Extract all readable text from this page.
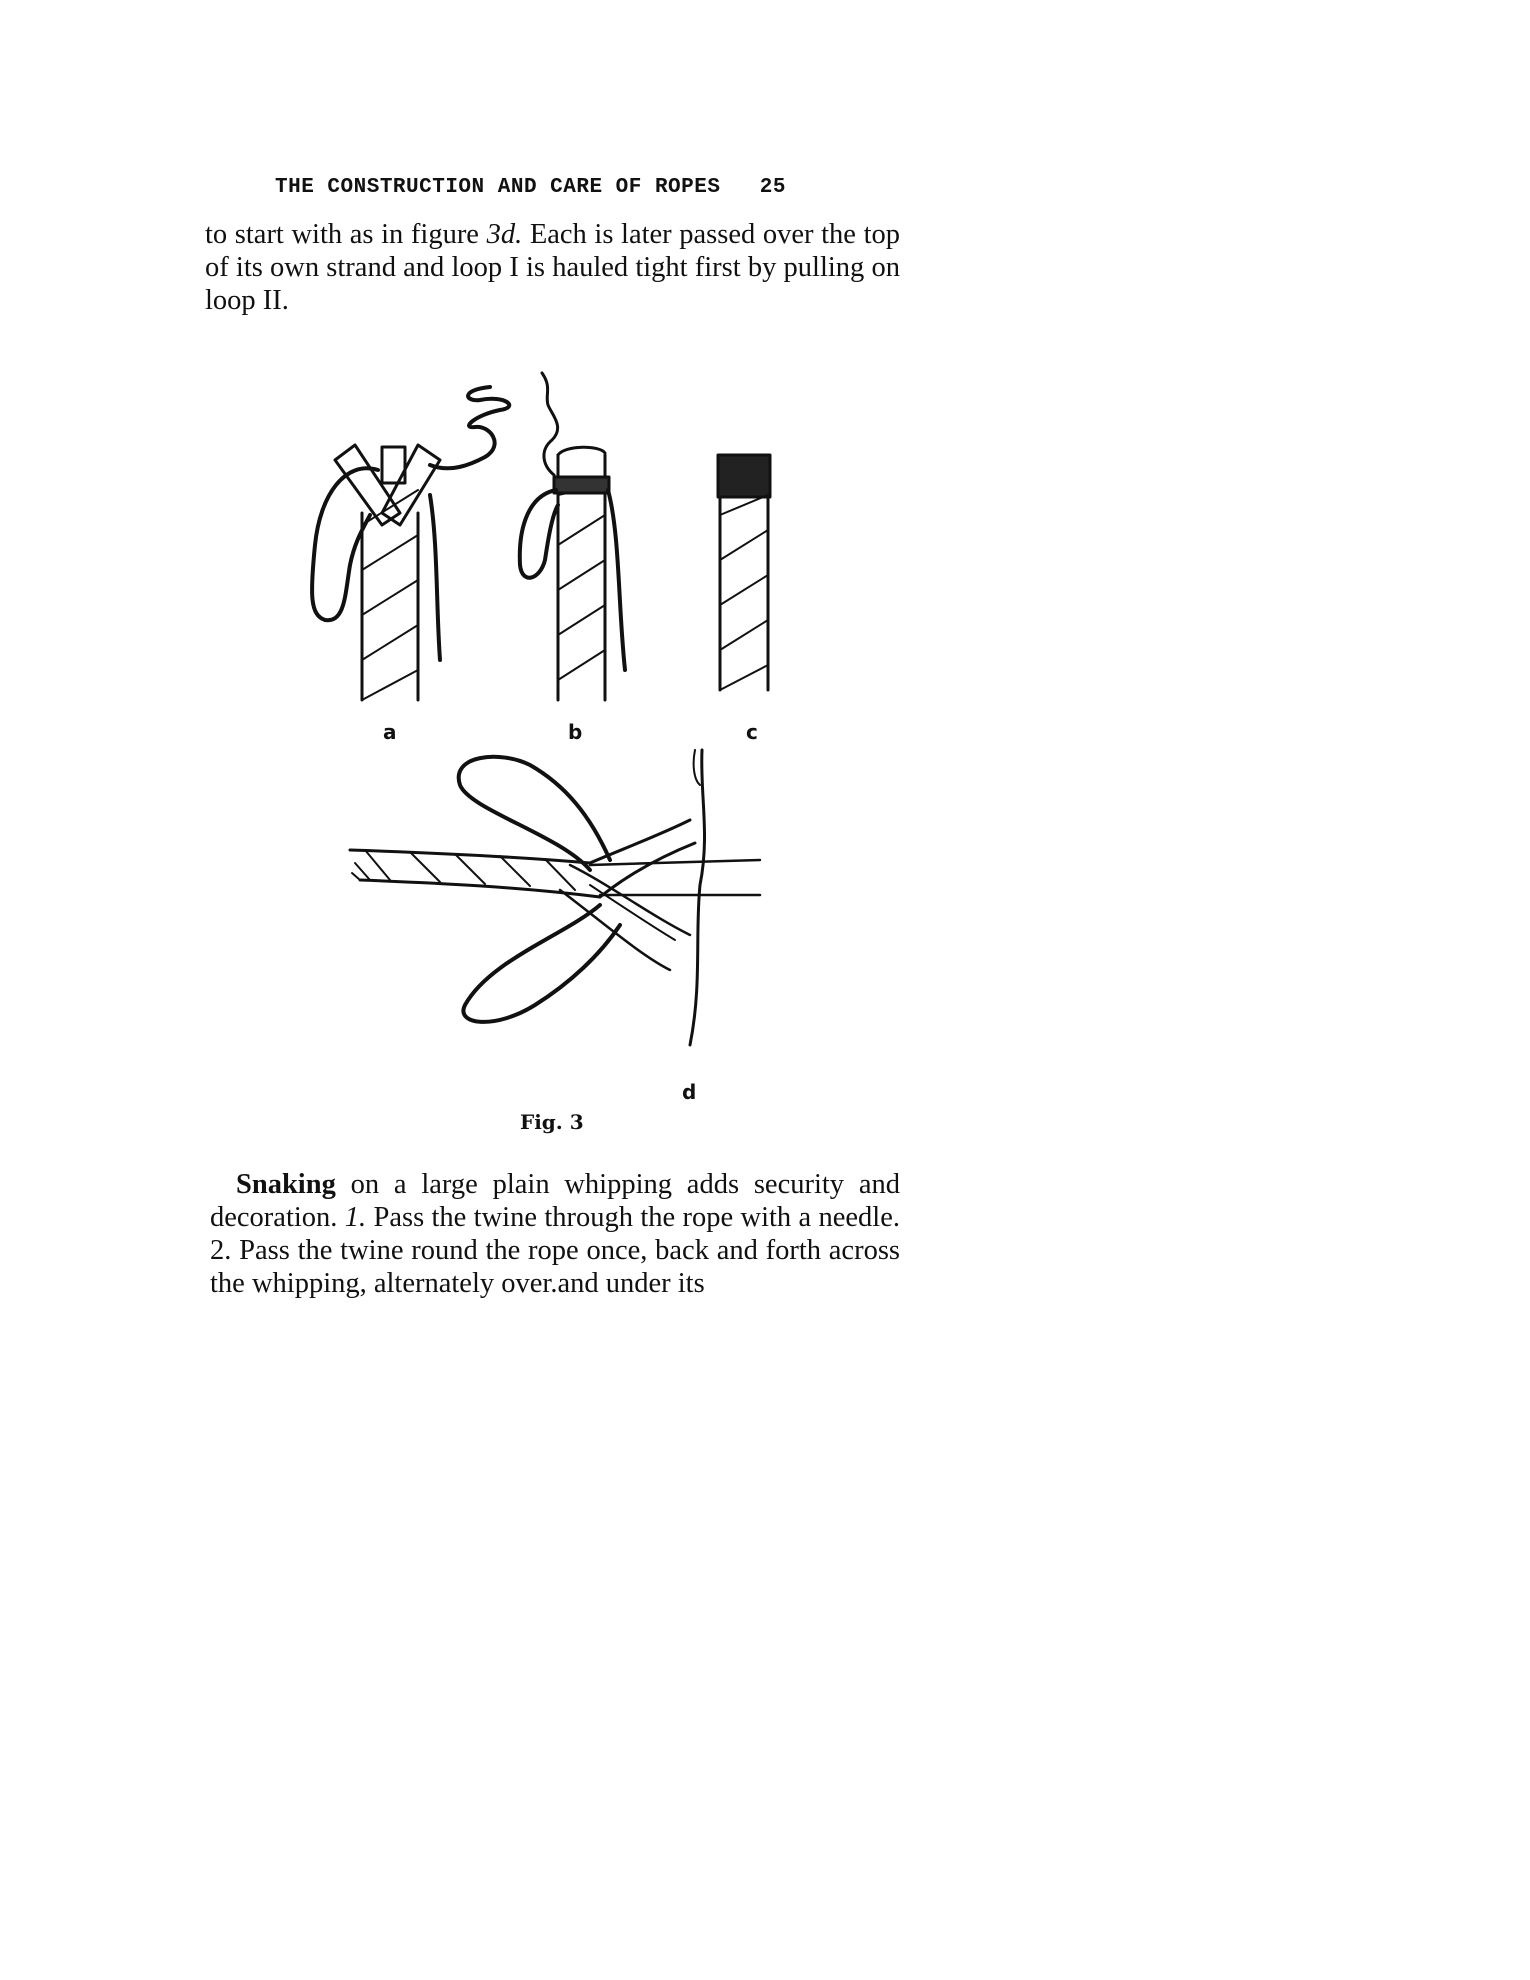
THE CONSTRUCTION AND CARE OF ROPES   25
to start with as in figure 3d. Each is later passed over the top of its own strand and loop I is hauled tight first by pulling on loop II.
a	b	c
d
Fig. 3
Snaking on a large plain whipping adds security and decoration. 1. Pass the twine through the rope with a needle. 2. Pass the twine round the rope once, back and forth across the whipping, alternately over.and under its
